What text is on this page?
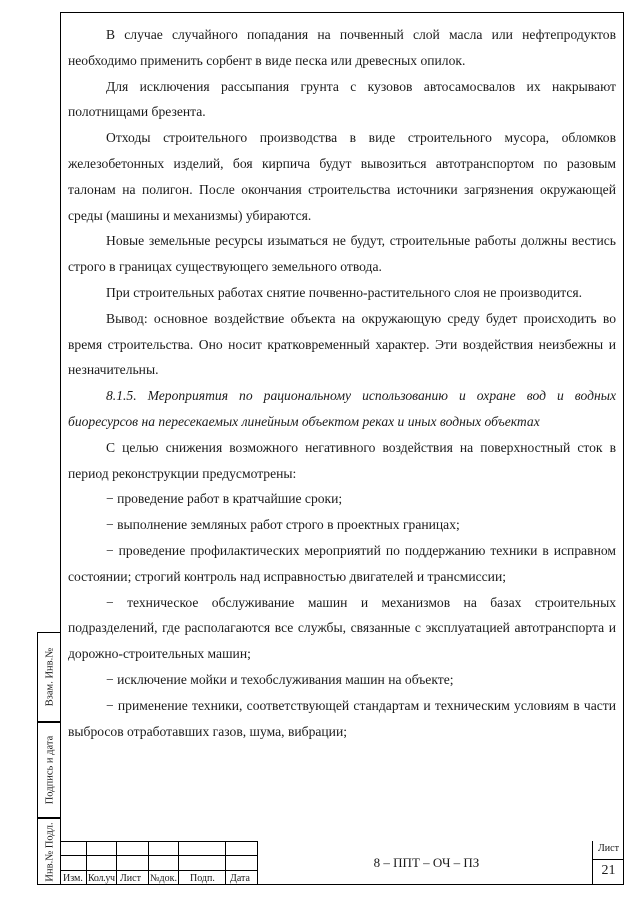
В случае случайного попадания на почвенный слой масла или нефтепродуктов необходимо применить сорбент в виде песка или древесных опилок.

Для исключения рассыпания грунта с кузовов автосамосвалов их накрывают полотнищами брезента.

Отходы строительного производства в виде строительного мусора, обломков железобетонных изделий, боя кирпича будут вывозиться автотранспортом по разовым талонам на полигон. После окончания строительства источники загрязнения окружающей среды (машины и механизмы) убираются.

Новые земельные ресурсы изыматься не будут, строительные работы должны вестись строго в границах существующего земельного отвода.

При строительных работах снятие почвенно-растительного слоя не производится.

Вывод: основное воздействие объекта на окружающую среду будет происходить во время строительства. Оно носит кратковременный характер. Эти воздействия неизбежны и незначительны.

8.1.5. Мероприятия по рациональному использованию и охране вод и водных биоресурсов на пересекаемых линейным объектом реках и иных водных объектах

С целью снижения возможного негативного воздействия на поверхностный сток в период реконструкции предусмотрены:

− проведение работ в кратчайшие сроки;

− выполнение земляных работ строго в проектных границах;

− проведение профилактических мероприятий по поддержанию техники в исправном состоянии; строгий контроль над исправностью двигателей и трансмиссии;

− техническое обслуживание машин и механизмов на базах строительных подразделений, где располагаются все службы, связанные с эксплуатацией автотранспорта и дорожно-строительных машин;

− исключение мойки и техобслуживания машин на объекте;

− применение техники, соответствующей стандартам и техническим условиям в части выбросов отработавших газов, шума, вибрации;

Взам. Инв.№
Подпись и дата
Инв.№ Подл. Изм. Кол.уч Лист №док. Подп. Дата
8 – ППТ – ОЧ – ПЗ
Лист
21
